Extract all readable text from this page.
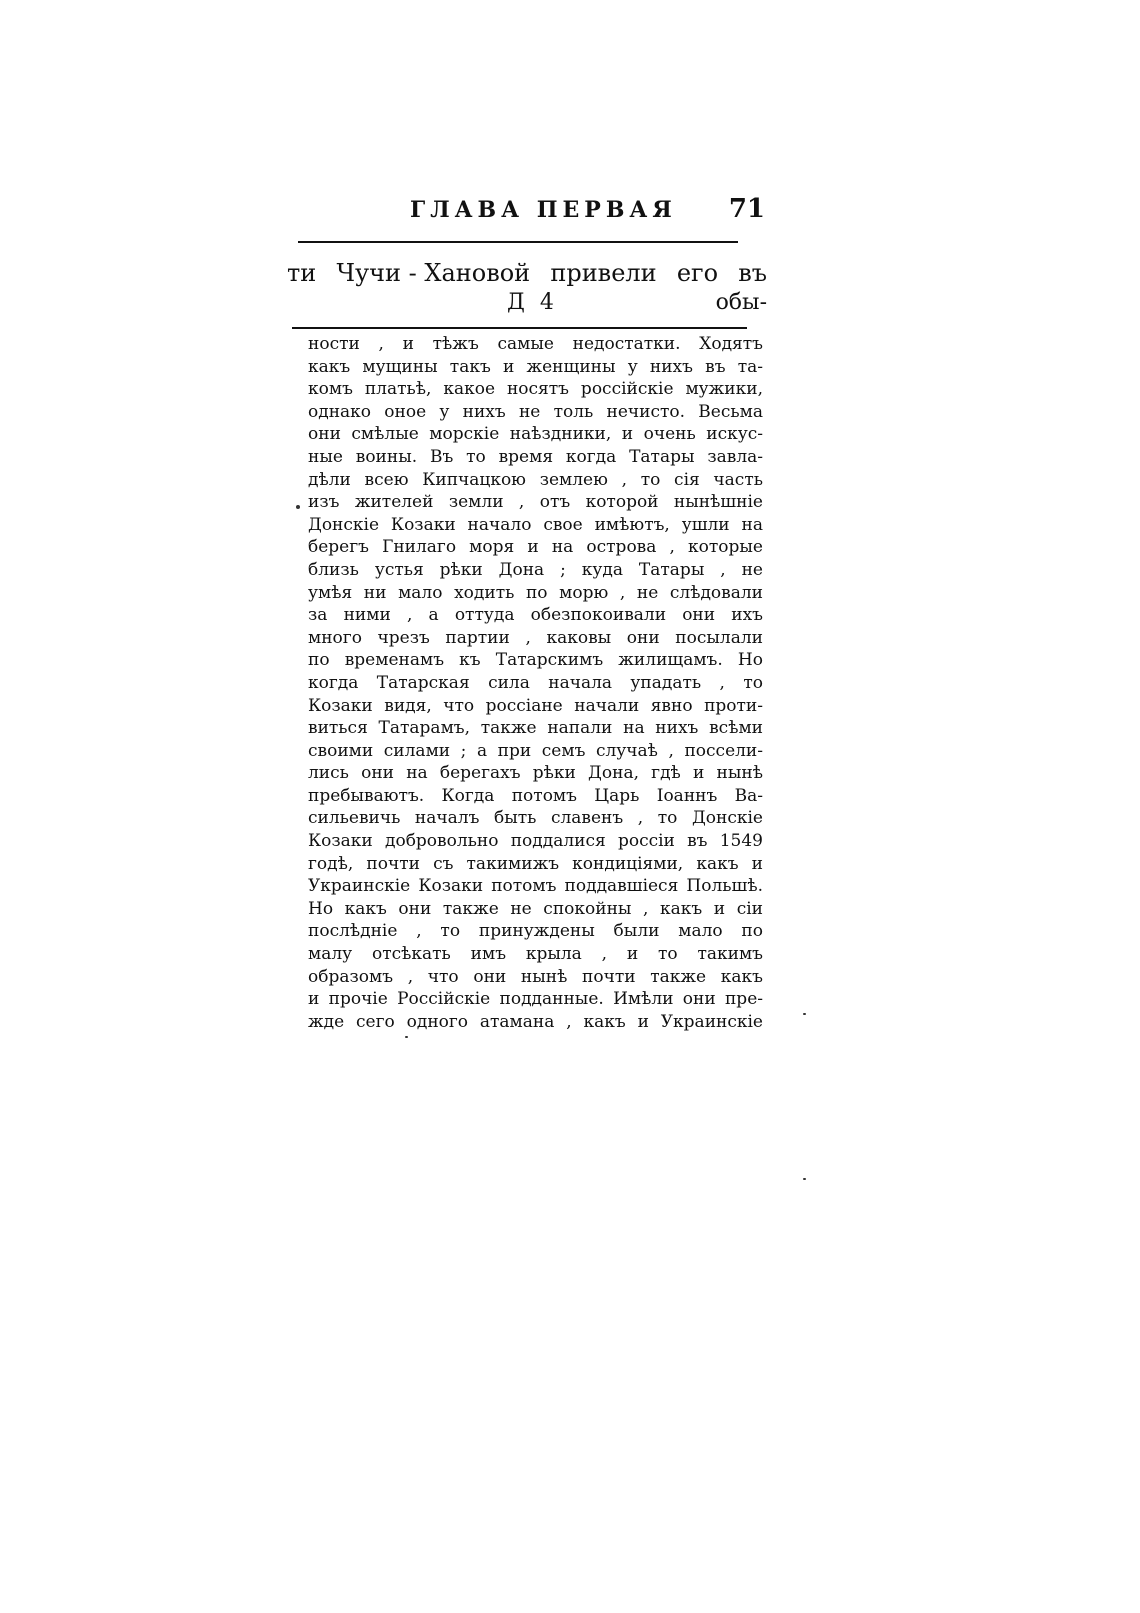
ГЛАВА ПЕРВАЯ 71
ти Чучи - Хановой привели его въ
Д 4	обы-
ности , и тѣжъ самые недостатки. Ходятъ
какъ мущины такъ и женщины у нихъ въ та-
комъ платьѣ, какое носятъ россійскіе мужики,
однако оное у нихъ не толь нечисто. Весьма
они смѣлые морскіе наѣздники, и очень искус-
ные воины. Въ то время когда Татары завла-
дѣли всею Кипчацкою землею , то сія часть
изъ жителей земли , отъ которой нынѣшніе
Донскіе Козаки начало свое имѣютъ, ушли на
берегъ Гнилаго моря и на острова , которые
близь устья рѣки Дона ; куда Татары , не
умѣя ни мало ходить по морю , не слѣдовали
за ними , а оттуда обезпокоивали они ихъ
много чрезъ партии , каковы они посылали
по временамъ къ Татарскимъ жилищамъ. Но
когда Татарская сила начала упадать , то
Козаки видя, что россіане начали явно проти-
виться Татарамъ, также напали на нихъ всѣми
своими силами ; а при семъ случаѣ , поссели-
лись они на берегахъ рѣки Дона, гдѣ и нынѣ
пребываютъ. Когда потомъ Царь Іоаннъ Ва-
сильевичь началъ быть славенъ , то Донскіе
Козаки добровольно поддалися россіи въ 1549
годѣ, почти съ такимижъ кондиціями, какъ и
Украинскіе Козаки потомъ поддавшіеся Польшѣ.
Но какъ они также не спокойны , какъ и сіи
послѣдніе , то принуждены были мало по
малу отсѣкать имъ крыла , и то такимъ
образомъ , что они нынѣ почти также какъ
и прочіе Россійскіе подданные. Имѣли они пре-
жде сего одного атамана , какъ и Украинскіе
